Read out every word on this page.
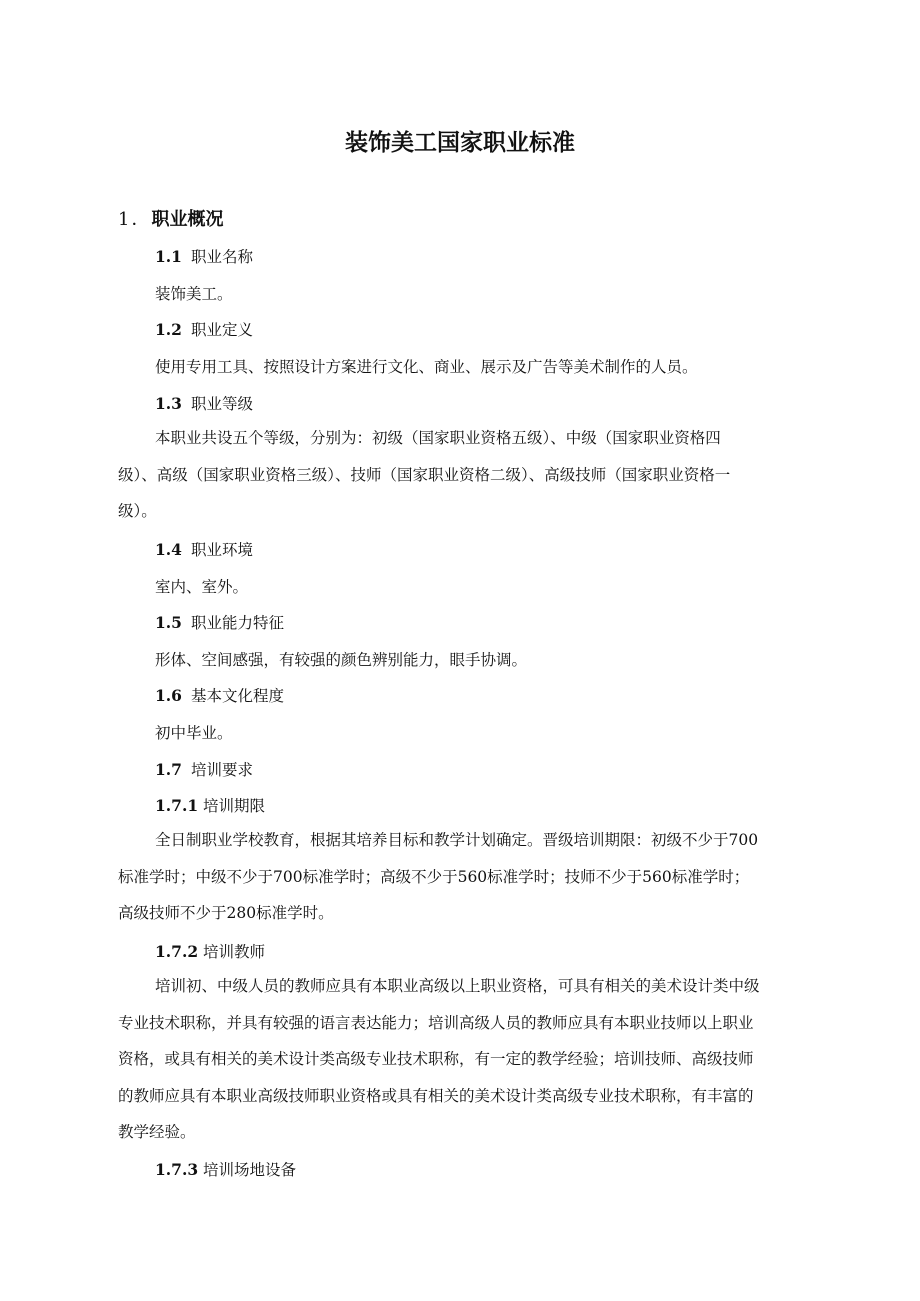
装饰美工国家职业标准
1．职业概况
1.1 职业名称
装饰美工。
1.2 职业定义
使用专用工具、按照设计方案进行文化、商业、展示及广告等美术制作的人员。
1.3 职业等级
本职业共设五个等级，分别为：初级（国家职业资格五级）、中级（国家职业资格四
级）、高级（国家职业资格三级）、技师（国家职业资格二级）、高级技师（国家职业资格一
级）。
1.4 职业环境
室内、室外。
1.5 职业能力特征
形体、空间感强，有较强的颜色辨别能力，眼手协调。
1.6 基本文化程度
初中毕业。
1.7 培训要求
1.7.1 培训期限
全日制职业学校教育，根据其培养目标和教学计划确定。晋级培训期限：初级不少于700
标准学时；中级不少于700标准学时；高级不少于560标准学时；技师不少于560标准学时；
高级技师不少于280标准学时。
1.7.2 培训教师
培训初、中级人员的教师应具有本职业高级以上职业资格，可具有相关的美术设计类中级
专业技术职称，并具有较强的语言表达能力；培训高级人员的教师应具有本职业技师以上职业
资格，或具有相关的美术设计类高级专业技术职称，有一定的教学经验；培训技师、高级技师
的教师应具有本职业高级技师职业资格或具有相关的美术设计类高级专业技术职称，有丰富的
教学经验。
1.7.3 培训场地设备
